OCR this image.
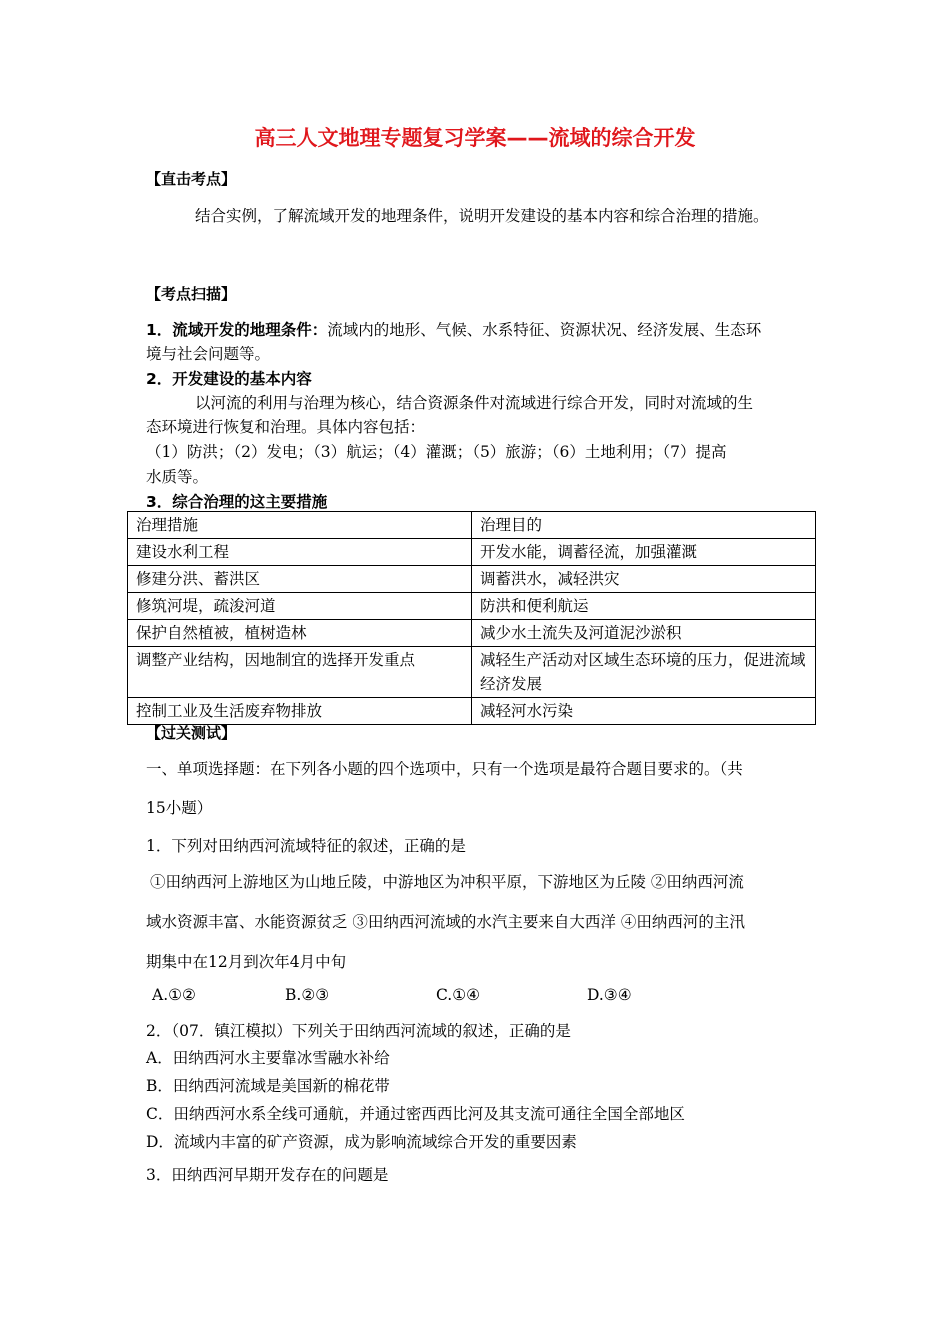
高三人文地理专题复习学案——流域的综合开发
【直击考点】
结合实例，了解流域开发的地理条件，说明开发建设的基本内容和综合治理的措施。
【考点扫描】
1．流域开发的地理条件：流域内的地形、气候、水系特征、资源状况、经济发展、生态环
境与社会问题等。
2．开发建设的基本内容
以河流的利用与治理为核心，结合资源条件对流域进行综合开发，同时对流域的生
态环境进行恢复和治理。具体内容包括：
（1）防洪；（2）发电；（3）航运；（4）灌溉；（5）旅游；（6）土地利用；（7）提高
水质等。
3．综合治理的这主要措施
治理措施	治理目的
建设水利工程	开发水能，调蓄径流，加强灌溉
修建分洪、蓄洪区	调蓄洪水，减轻洪灾
修筑河堤，疏浚河道	防洪和便利航运
保护自然植被，植树造林	减少水土流失及河道泥沙淤积
调整产业结构，因地制宜的选择开发重点	减轻生产活动对区域生态环境的压力，促进流域经济发展
控制工业及生活废弃物排放	减轻河水污染
【过关测试】
一、单项选择题：在下列各小题的四个选项中，只有一个选项是最符合题目要求的。（共
15小题）
1．下列对田纳西河流域特征的叙述，正确的是
①田纳西河上游地区为山地丘陵，中游地区为冲积平原，下游地区为丘陵 ②田纳西河流
域水资源丰富、水能资源贫乏 ③田纳西河流域的水汽主要来自大西洋 ④田纳西河的主汛
期集中在12月到次年4月中旬
A.①②	B.②③	C.①④	D.③④
2．（07．镇江模拟）下列关于田纳西河流域的叙述，正确的是
A．田纳西河水主要靠冰雪融水补给
B．田纳西河流域是美国新的棉花带
C．田纳西河水系全线可通航，并通过密西西比河及其支流可通往全国全部地区
D．流域内丰富的矿产资源，成为影响流域综合开发的重要因素
3．田纳西河早期开发存在的问题是
